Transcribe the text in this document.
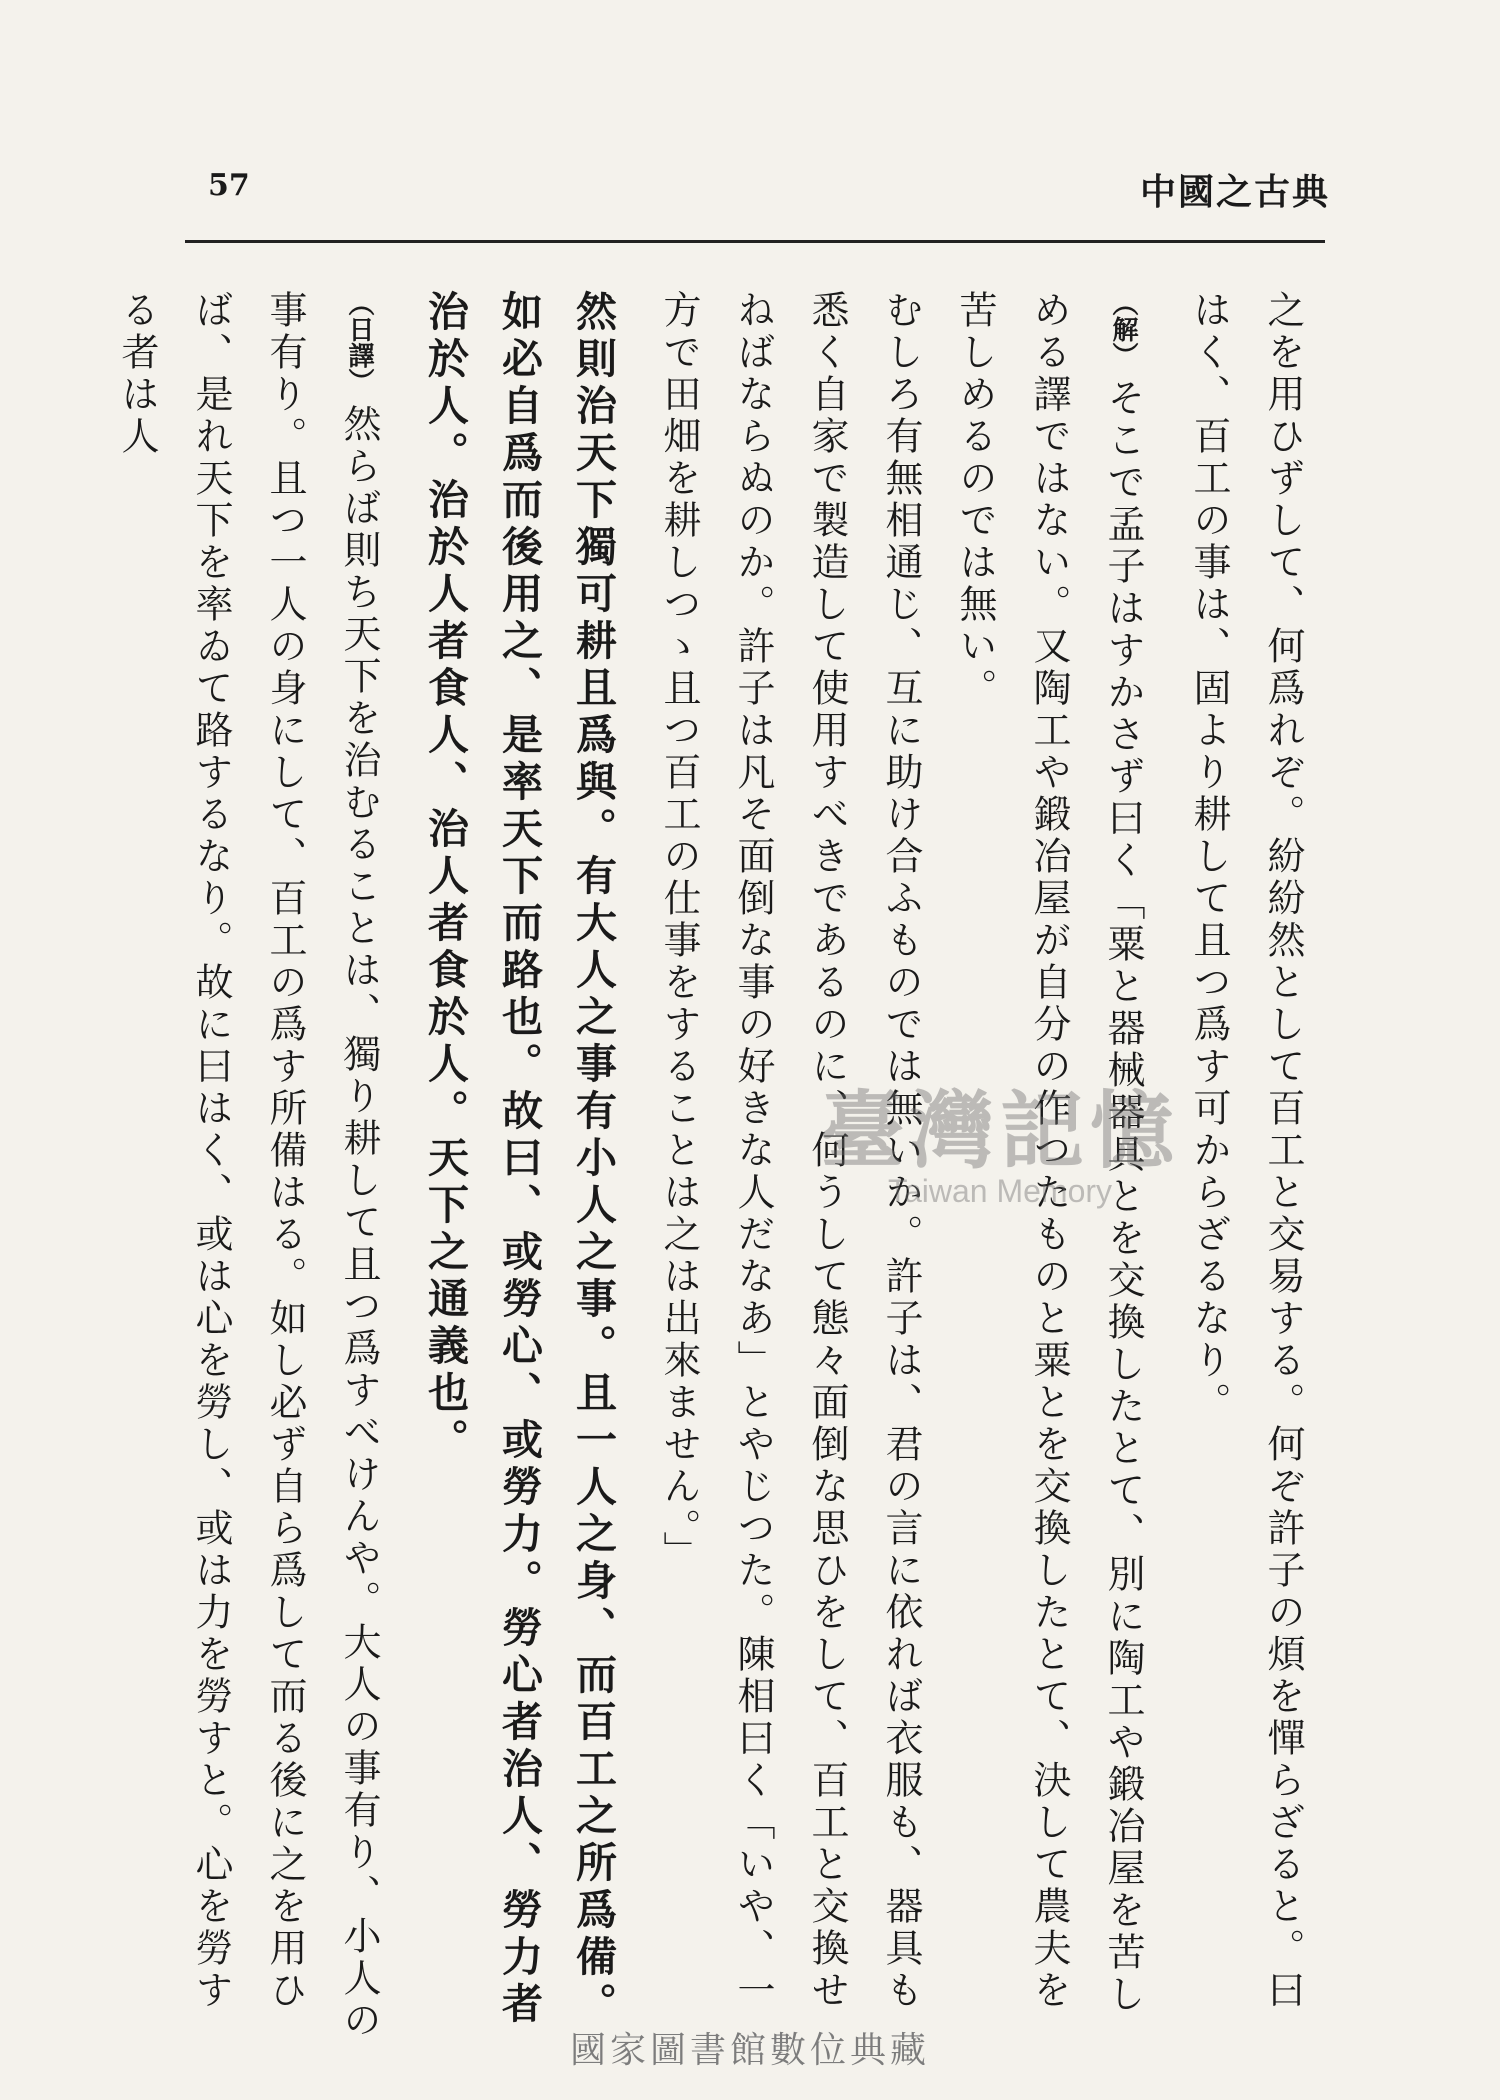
57	中國之古典

之を用ひずして、何爲れぞ。紛紛然として百工と交易する。何ぞ許子の煩を憚らざると。曰はく、百工の事は、固より耕して且つ爲す可からざるなり。

（解）そこで孟子はすかさず曰く「粟と器械器具とを交換したとて、別に陶工や鍛冶屋を苦しめる譯ではない。又陶工や鍛冶屋が自分の作つたものと粟とを交換したとて、決して農夫を苦しめるのでは無い。

むしろ有無相通じ、互に助け合ふものでは無いか。許子は、君の言に依れば衣服も、器具も悉く自家で製造して使用すべきであるのに、何うして態々面倒な思ひをして、百工と交換せねばならぬのか。許子は凡そ面倒な事の好きな人だなあ」とやじつた。陳相曰く「いや、一方で田畑を耕しつゝ且つ百工の仕事をすることは之は出來ません。」

然則治天下獨可耕且爲與。有大人之事有小人之事。且一人之身、而百工之所爲備。如必自爲而後用之、是率天下而路也。故曰、或勞心、或勞力。勞心者治人、勞力者治於人。治於人者食人、治人者食於人。天下之通義也。

（日譯）然らば則ち天下を治むることは、獨り耕して且つ爲すべけんや。大人の事有り、小人の事有り。且つ一人の身にして、百工の爲す所備はる。如し必ず自ら爲して而る後に之を用ひば、是れ天下を率ゐて路するなり。故に曰はく、或は心を勞し、或は力を勞すと。心を勞する者は人

臺灣記憶
Taiwan Memory
國家圖書館數位典藏
